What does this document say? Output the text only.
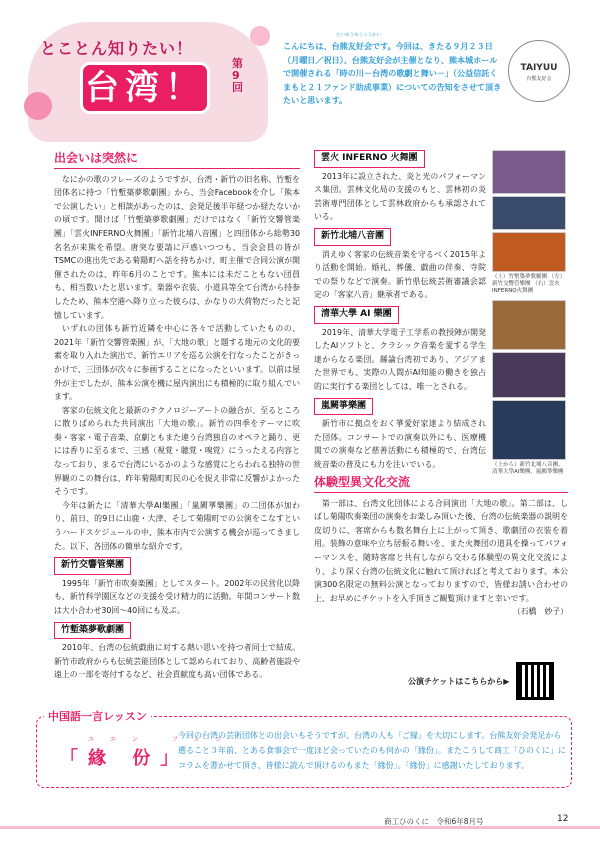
とことん知りたい！
台湾！
第9回
たいゆうゆうこうかい
こんにちは、台熊友好会です。今回は、きたる９月２３日（月曜日／祝日）、台熊友好会が主催となり、熊本城ホールで開催される「時の川－台湾の歌劇と舞い－」（公益信託くまもと２１ファンド助成事業）についての告知をさせて頂きたいと思います。
TAIYUU
台熊友好会
出会いは突然に

なにかの歌のフレーズのようですが、台湾・新竹の旧名称、竹塹を団体名に持つ「竹塹築夢歌劇團」から、当会Facebookを介し「熊本で公演したい」と相談があったのは、会発足後半年経つか経たないかの頃です。聞けば「竹塹築夢歌劇團」だけではなく「新竹交響管楽團」「雲火INFERNO火舞團」「新竹北埔八音團」と四団体から総勢30名名が来熊を希望。唐突な要請に戸惑いつつも、当会会員の皆がTSMCの進出先である菊陽町へ話を持ちかけ、町主催で合同公演が開催されたのは、昨年6月のことです。熊本には未だこともない団員も、相当数いたと思います。楽器や衣装、小道具等全て台湾から持参したため、熊本空港へ降り立った彼らは、かなりの大荷物だったと記憶しています。

いずれの団体も新竹近隣を中心に各々で活動していたものの、2021年「新竹交響管楽團」が、「大地の歌」と題する地元の文化的要素を取り入れた演出で、新竹エリアを巡る公演を行なったことがきっかけで、三団体が次々に参画することになったといいます。以前は屋外が主でしたが、熊本公演を機に屋内演出にも積極的に取り組んでいます。

客家の伝統文化と最新のテクノロジーアートの融合が、至るところに散りばめられた共同演出「大地の歌」。新竹の四季をテーマに吹奏・客家・電子音楽、京劇ともまた違う台湾独自のオペラと踊り、更には香りに至るまで、三感（視覚・聴覚・嗅覚）にうったえる内容となっており、まるで台湾にいるかのような感覚にとらわれる独特の世界観のこの舞台は、昨年菊陽町町民の心を捉え非常に反響がよかったそうです。

今年は新たに「清華大學AI樂團」「嵐闕箏樂團」の二団体が加わり、前日、的9日に山鹿・大津、そして菊陽町での公演をこなすというハードスケジュールの中、熊本市内で公演する機会が巡ってきました。以下、各団体の簡単な紹介です。

新竹交響管樂團

1995年「新竹市吹奏楽團」としてスタート。2002年の民営化以降も、新竹科学園区などの支援を受け精力的に活動。年間コンサート数は大小合わせ30回〜40回にも及ぶ。

竹塹築夢歌劇團

2010年、台湾の伝統戯曲に対する熱い思いを持つ者同士で結成。新竹市政府からも伝統芸能団体として認められており、高齢者施設や遠上の一部を寄付するなど、社会貢献度も高い団体である。

雲火 INFERNO 火舞團

2013年に設立された、炎と光のパフォーマンス集団。雲林文化局の支援のもと、雲林初の炎芸術専門団体として雲林政府からも承認されている。

新竹北埔八音團

消えゆく客家の伝統音楽を守るべく2015年より活動を開始。婚礼、葬儀、戯曲の伴奏、寺院での祭りなどで演奏。新竹県伝統芸術審議会認定の「客家八音」継承者である。

清華大學 AI 樂團

2019年、清華大学電子工学系の教授陣が開発したAIソフトと、クラシック音楽を愛する学生達からなる楽団。縣論台湾初であり、アジアまた世界でも、実際の人間がAI知能の働きを独占的に実行する楽団としては、唯一とされる。

嵐闕箏樂團

新竹市に拠点をおく箏愛好家達より結成された団体。コンサートでの演奏以外にも、医療機関での演奏など慈善活動にも積極的で、台湾伝統音楽の普及にも力を注いでいる。

（上）竹塹築夢歌劇團 （左）新竹交響管樂團 （右）雲火 INFERNO火舞團
（上から）新竹北埔八音團、清華大學AI樂團、嵐闕箏樂團
体験型異文化交流

第一部は、台湾文化団体による合同演出「大地の歌」。第二部は、しばし菊陽吹奏楽団の演奏をお楽しみ頂いた後、台湾の伝統楽器の説明を皮切りに、客席からも数名舞台上に上がって頂き、歌劇団の衣装を着用。装飾の意味や立ち居振る舞いを、また火舞団の道具を操ってパフォーマンスを、随時客席と共有しながら交わる体験型の異文化交流により、より深く台湾の伝統文化に触れて頂ければと考えております。本公演300名限定の無料公演となっておりますので、皆様お誘い合わせの上、お早めにチケットを入手頂きご観覧頂けますと幸いです。

（石橋　妙子）
公演チケットはこちらから▶
中国語一言レッスン
ユエン フェン
「緣 份」
今回の台湾の芸術団体との出会いもそうですが、台湾の人も「ご縁」を大切にします。台熊友好会発足から遡ること３年前、とある食事会で一度ほど会っていたのも何かの「緣份」。またこうして商工「ひのくに」にコラムを書かせて頂き、皆様に読んで頂けるのもまた「緣份」。「緣份」に感謝いたしております。
商工ひのくに　令和6年8月号	12
